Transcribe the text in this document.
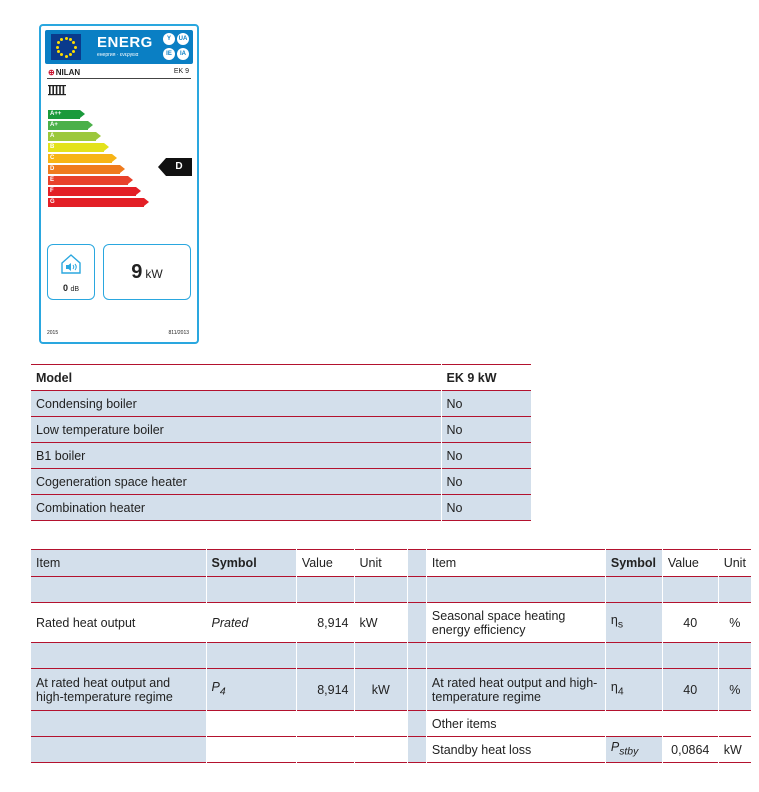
ENERG
енергия · ενεργεια
Y	UA
IE	IA
⊕NILAN	EK 9
A++
A+
A
B
C
D
E
F
G
D
0 dB
9 kW
2015	811/2013
Model	EK 9 kW
Condensing boiler	No
Low temperature boiler	No
B1 boiler	No
Cogeneration space heater	No
Combination heater	No
Item	Symbol	Value	Unit		Item	Symbol	Value	Unit

Rated heat output	Prated	8,914	kW		Seasonal space heating energy efficiency	$\eta_s$	40	%

At rated heat output and high-temperature regime	$P_4$	8,914	kW		At rated heat output and high-temperature regime	$\eta_4$	40	%
					Other items			
					Standby heat loss	$P_{stby}$	0,0864	kW
